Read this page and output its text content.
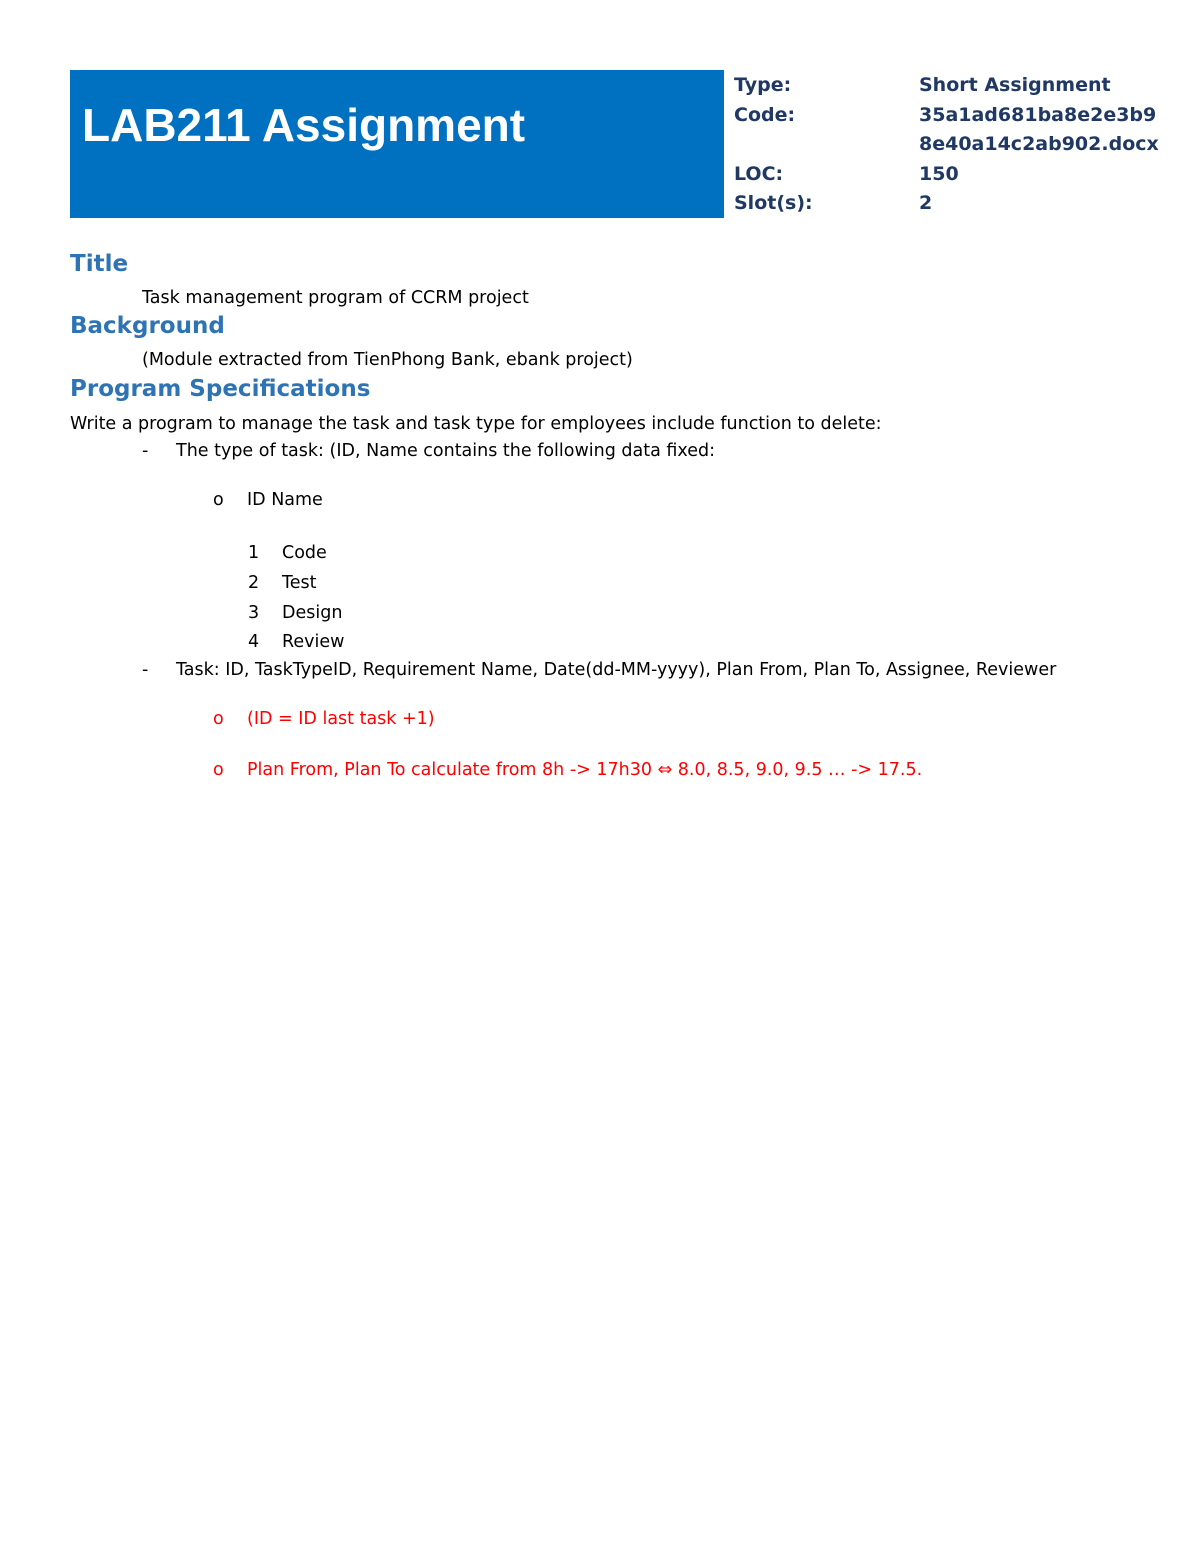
LAB211 Assignment
Type:	Short Assignment
Code:	35a1ad681ba8e2e3b9
8e40a14c2ab902.docx
LOC:	150
Slot(s):	2
Title
Task management program of CCRM project
Background
(Module extracted from TienPhong Bank, ebank project)
Program Specifications
Write a program to manage the task and task type for employees include function to delete:
- The type of task: (ID, Name contains the following data fixed:
o ID Name
1 Code
2 Test
3 Design
4 Review
- Task: ID, TaskTypeID, Requirement Name, Date(dd-MM-yyyy), Plan From, Plan To, Assignee, Reviewer
o (ID = ID last task +1)
o Plan From, Plan To calculate from 8h -> 17h30 ⇔ 8.0, 8.5, 9.0, 9.5 … -> 17.5.
